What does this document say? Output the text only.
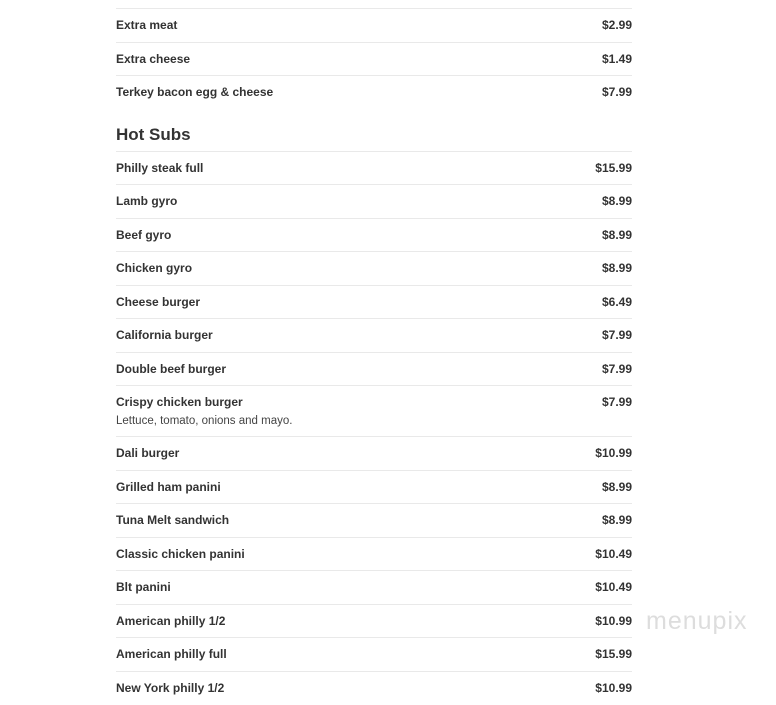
Extra meat	$2.99
Extra cheese	$1.49
Terkey bacon egg & cheese	$7.99
Hot Subs
Philly steak full	$15.99
Lamb gyro	$8.99
Beef gyro	$8.99
Chicken gyro	$8.99
Cheese burger	$6.49
California burger	$7.99
Double beef burger	$7.99
Crispy chicken burger	$7.99
Lettuce, tomato, onions and mayo.
Dali burger	$10.99
Grilled ham panini	$8.99
Tuna Melt sandwich	$8.99
Classic chicken panini	$10.49
Blt panini	$10.49
American philly 1/2	$10.99
American philly full	$15.99
New York philly 1/2	$10.99
menupix
